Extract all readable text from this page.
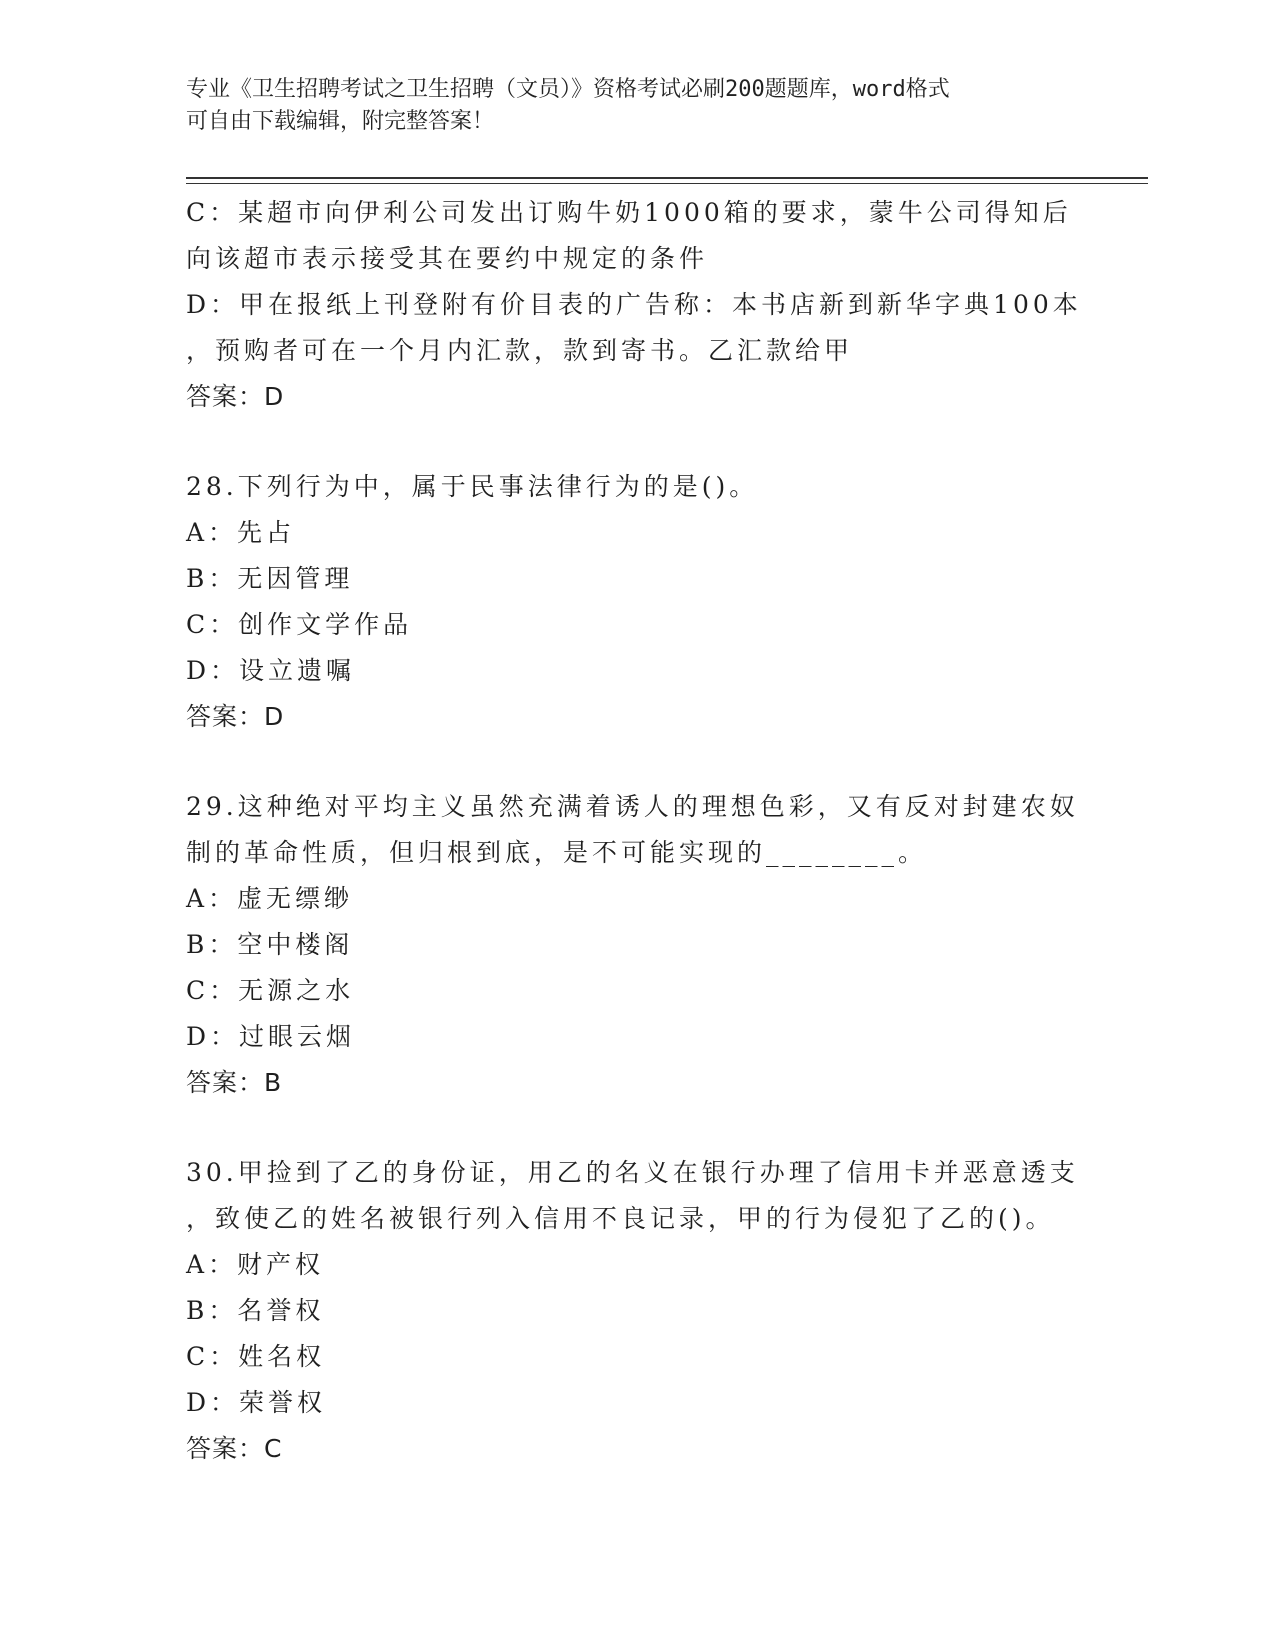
专业《卫生招聘考试之卫生招聘（文员）》资格考试必刷200题题库，word格式
可自由下载编辑，附完整答案！
C：某超市向伊利公司发出订购牛奶1000箱的要求，蒙牛公司得知后
向该超市表示接受其在要约中规定的条件
D：甲在报纸上刊登附有价目表的广告称：本书店新到新华字典100本
，预购者可在一个月内汇款，款到寄书。乙汇款给甲
答案：D
28.下列行为中，属于民事法律行为的是()。
A：先占
B：无因管理
C：创作文学作品
D：设立遗嘱
答案：D
29.这种绝对平均主义虽然充满着诱人的理想色彩，又有反对封建农奴
制的革命性质，但归根到底，是不可能实现的________。
A：虚无缥缈
B：空中楼阁
C：无源之水
D：过眼云烟
答案：B
30.甲捡到了乙的身份证，用乙的名义在银行办理了信用卡并恶意透支
，致使乙的姓名被银行列入信用不良记录，甲的行为侵犯了乙的()。
A：财产权
B：名誉权
C：姓名权
D：荣誉权
答案：C
